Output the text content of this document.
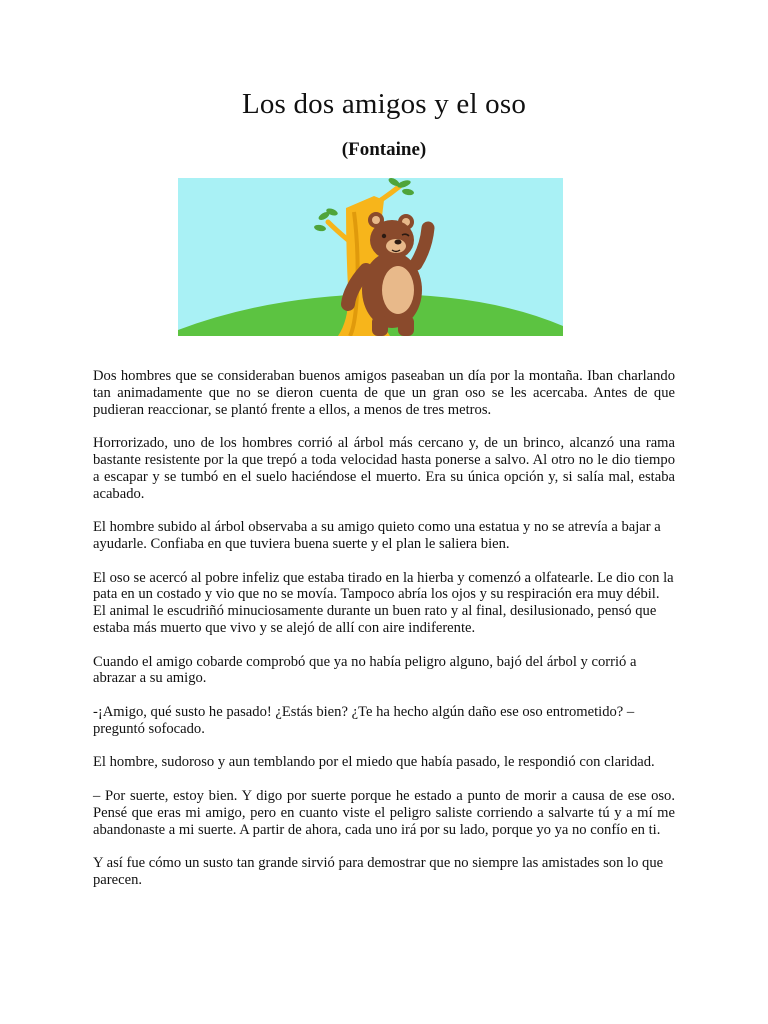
Los dos amigos y el oso
(Fontaine)

Dos hombres que se consideraban buenos amigos paseaban un día por la montaña. Iban charlando tan animadamente que no se dieron cuenta de que un gran oso se les acercaba. Antes de que pudieran reaccionar, se plantó frente a ellos, a menos de tres metros.

Horrorizado, uno de los hombres corrió al árbol más cercano y, de un brinco, alcanzó una rama bastante resistente por la que trepó a toda velocidad hasta ponerse a salvo. Al otro no le dio tiempo a escapar y se tumbó en el suelo haciéndose el muerto. Era su única opción y, si salía mal, estaba acabado.

El hombre subido al árbol observaba a su amigo quieto como una estatua y no se atrevía a bajar a ayudarle. Confiaba en que tuviera buena suerte y el plan le saliera bien.

El oso se acercó al pobre infeliz que estaba tirado en la hierba y comenzó a olfatearle. Le dio con la pata en un costado y vio que no se movía. Tampoco abría los ojos y su respiración era muy débil. El animal le escudriñó minuciosamente durante un buen rato y al final, desilusionado, pensó que estaba más muerto que vivo y se alejó de allí con aire indiferente.

Cuando el amigo cobarde comprobó que ya no había peligro alguno, bajó del árbol y corrió a abrazar a su amigo.

-¡Amigo, qué susto he pasado! ¿Estás bien? ¿Te ha hecho algún daño ese oso entrometido? – preguntó sofocado.

El hombre, sudoroso y aun temblando por el miedo que había pasado, le respondió con claridad.

– Por suerte, estoy bien. Y digo por suerte porque he estado a punto de morir a causa de ese oso. Pensé que eras mi amigo, pero en cuanto viste el peligro saliste corriendo a salvarte tú y a mí me abandonaste a mi suerte. A partir de ahora, cada uno irá por su lado, porque yo ya no confío en ti.

Y así fue cómo un susto tan grande sirvió para demostrar que no siempre las amistades son lo que parecen.
